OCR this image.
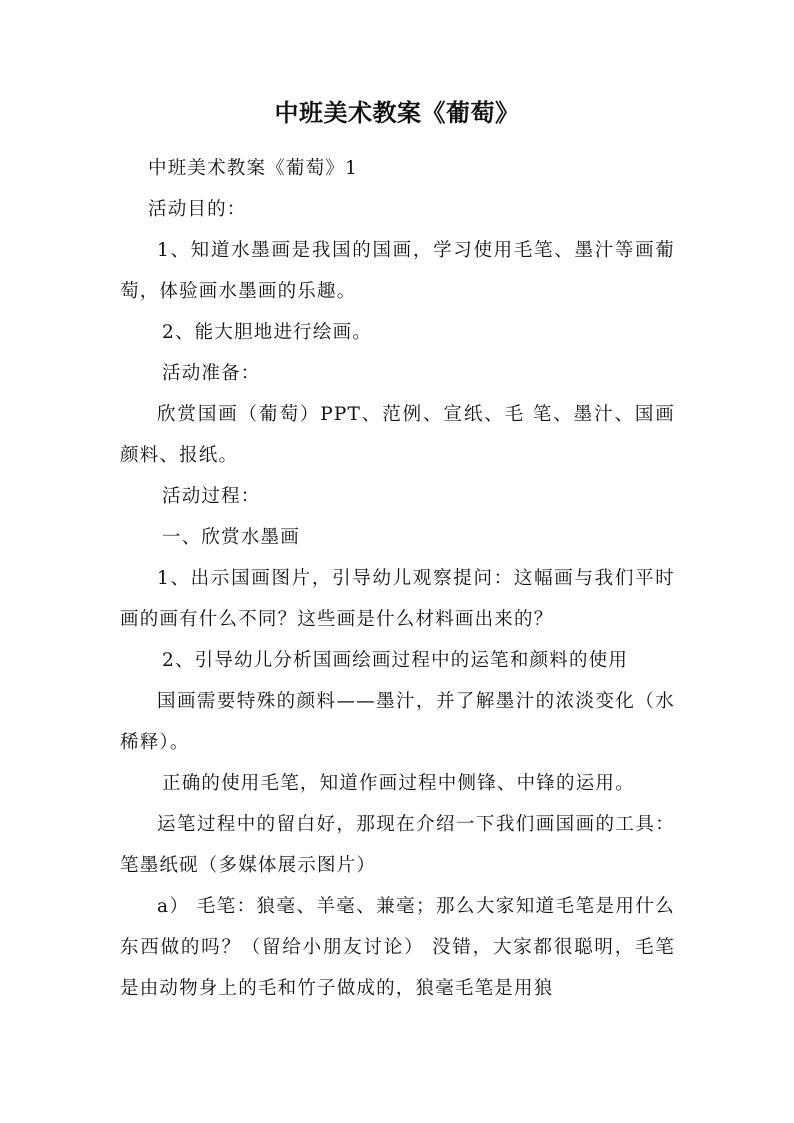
中班美术教案《葡萄》

中班美术教案《葡萄》1

活动目的：

1、知道水墨画是我国的国画，学习使用毛笔、墨汁等画葡萄，体验画水墨画的乐趣。

2、能大胆地进行绘画。

活动准备：

欣赏国画（葡萄）PPT、范例、宣纸、毛 笔、墨汁、国画颜料、报纸。

活动过程：

一、欣赏水墨画

1、出示国画图片，引导幼儿观察提问：这幅画与我们平时画的画有什么不同？这些画是什么材料画出来的？

2、引导幼儿分析国画绘画过程中的运笔和颜料的使用

国画需要特殊的颜料——墨汁，并了解墨汁的浓淡变化（水稀释）。

正确的使用毛笔，知道作画过程中侧锋、中锋的运用。

运笔过程中的留白好，那现在介绍一下我们画国画的工具：笔墨纸砚（多媒体展示图片）

a） 毛笔：狼毫、羊毫、兼毫；那么大家知道毛笔是用什么东西做的吗？（留给小朋友讨论） 没错，大家都很聪明，毛笔是由动物身上的毛和竹子做成的，狼毫毛笔是用狼
